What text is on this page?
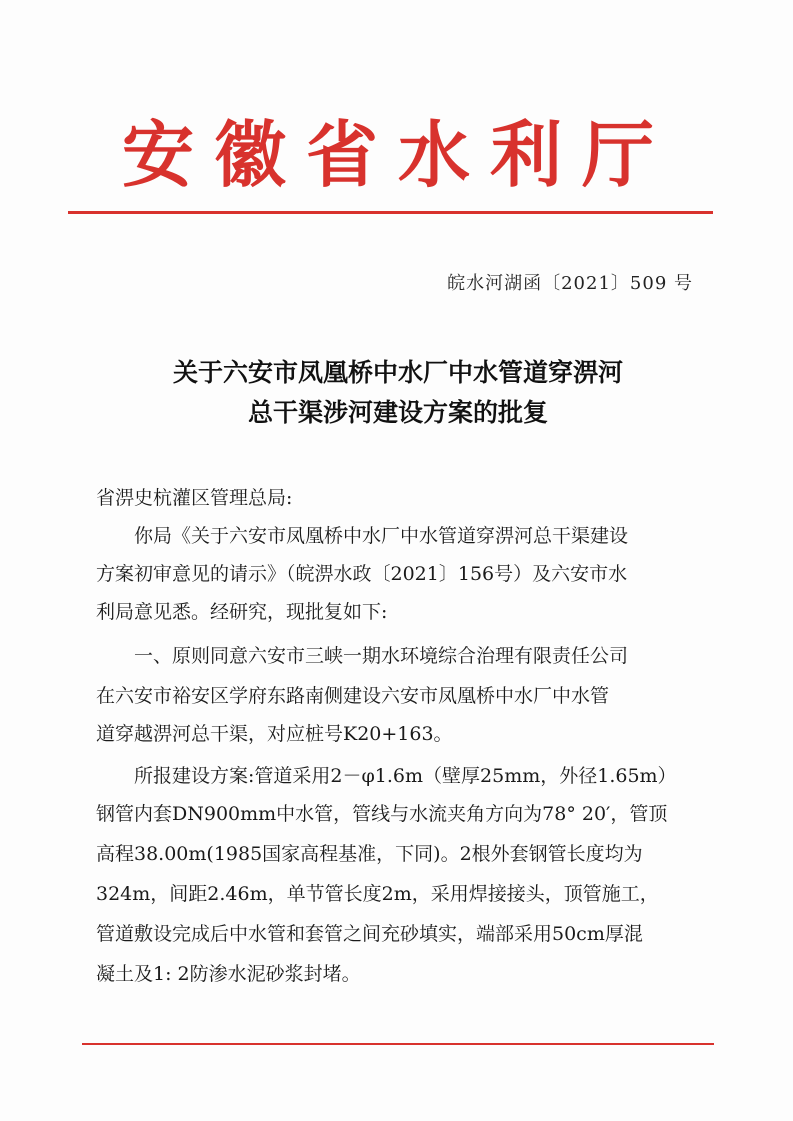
安徽省水利厅
皖水河湖函〔2021〕509 号
关于六安市凤凰桥中水厂中水管道穿淠河
总干渠涉河建设方案的批复
省淠史杭灌区管理总局:
你局《关于六安市凤凰桥中水厂中水管道穿淠河总干渠建设
方案初审意见的请示》（皖淠水政〔2021〕156号）及六安市水
利局意见悉。经研究，现批复如下:
一、原则同意六安市三峡一期水环境综合治理有限责任公司
在六安市裕安区学府东路南侧建设六安市凤凰桥中水厂中水管
道穿越淠河总干渠，对应桩号K20+163。
所报建设方案:管道采用2－φ1.6m（壁厚25mm，外径1.65m）
钢管内套DN900mm中水管，管线与水流夹角方向为78° 20′，管顶
高程38.00m(1985国家高程基准，下同)。2根外套钢管长度均为
324m，间距2.46m，单节管长度2m，采用焊接接头，顶管施工，
管道敷设完成后中水管和套管之间充砂填实，端部采用50cm厚混
凝土及1: 2防渗水泥砂浆封堵。
